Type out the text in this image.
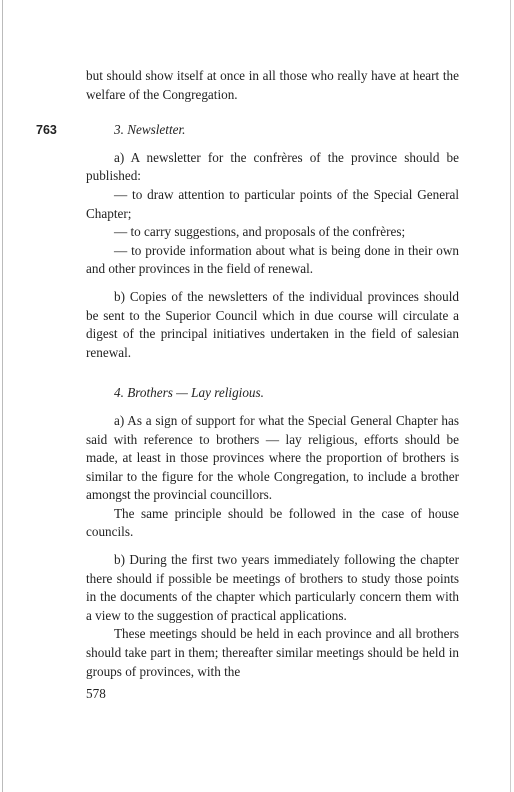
763

but should show itself at once in all those who really have at heart the welfare of the Congregation.

3. Newsletter.

a) A newsletter for the confrères of the province should be published:

— to draw attention to particular points of the Special General Chapter;

— to carry suggestions, and proposals of the confrères;

— to provide information about what is being done in their own and other provinces in the field of renewal.

b) Copies of the newsletters of the individual provinces should be sent to the Superior Council which in due course will circulate a digest of the principal initiatives undertaken in the field of salesian renewal.

4. Brothers — Lay religious.

a) As a sign of support for what the Special General Chapter has said with reference to brothers — lay religious, efforts should be made, at least in those provinces where the proportion of brothers is similar to the figure for the whole Congregation, to include a brother amongst the provincial councillors.

The same principle should be followed in the case of house councils.

b) During the first two years immediately following the chapter there should if possible be meetings of brothers to study those points in the documents of the chapter which particularly concern them with a view to the suggestion of practical applications.

These meetings should be held in each province and all brothers should take part in them; thereafter similar meetings should be held in groups of provinces, with the

578
